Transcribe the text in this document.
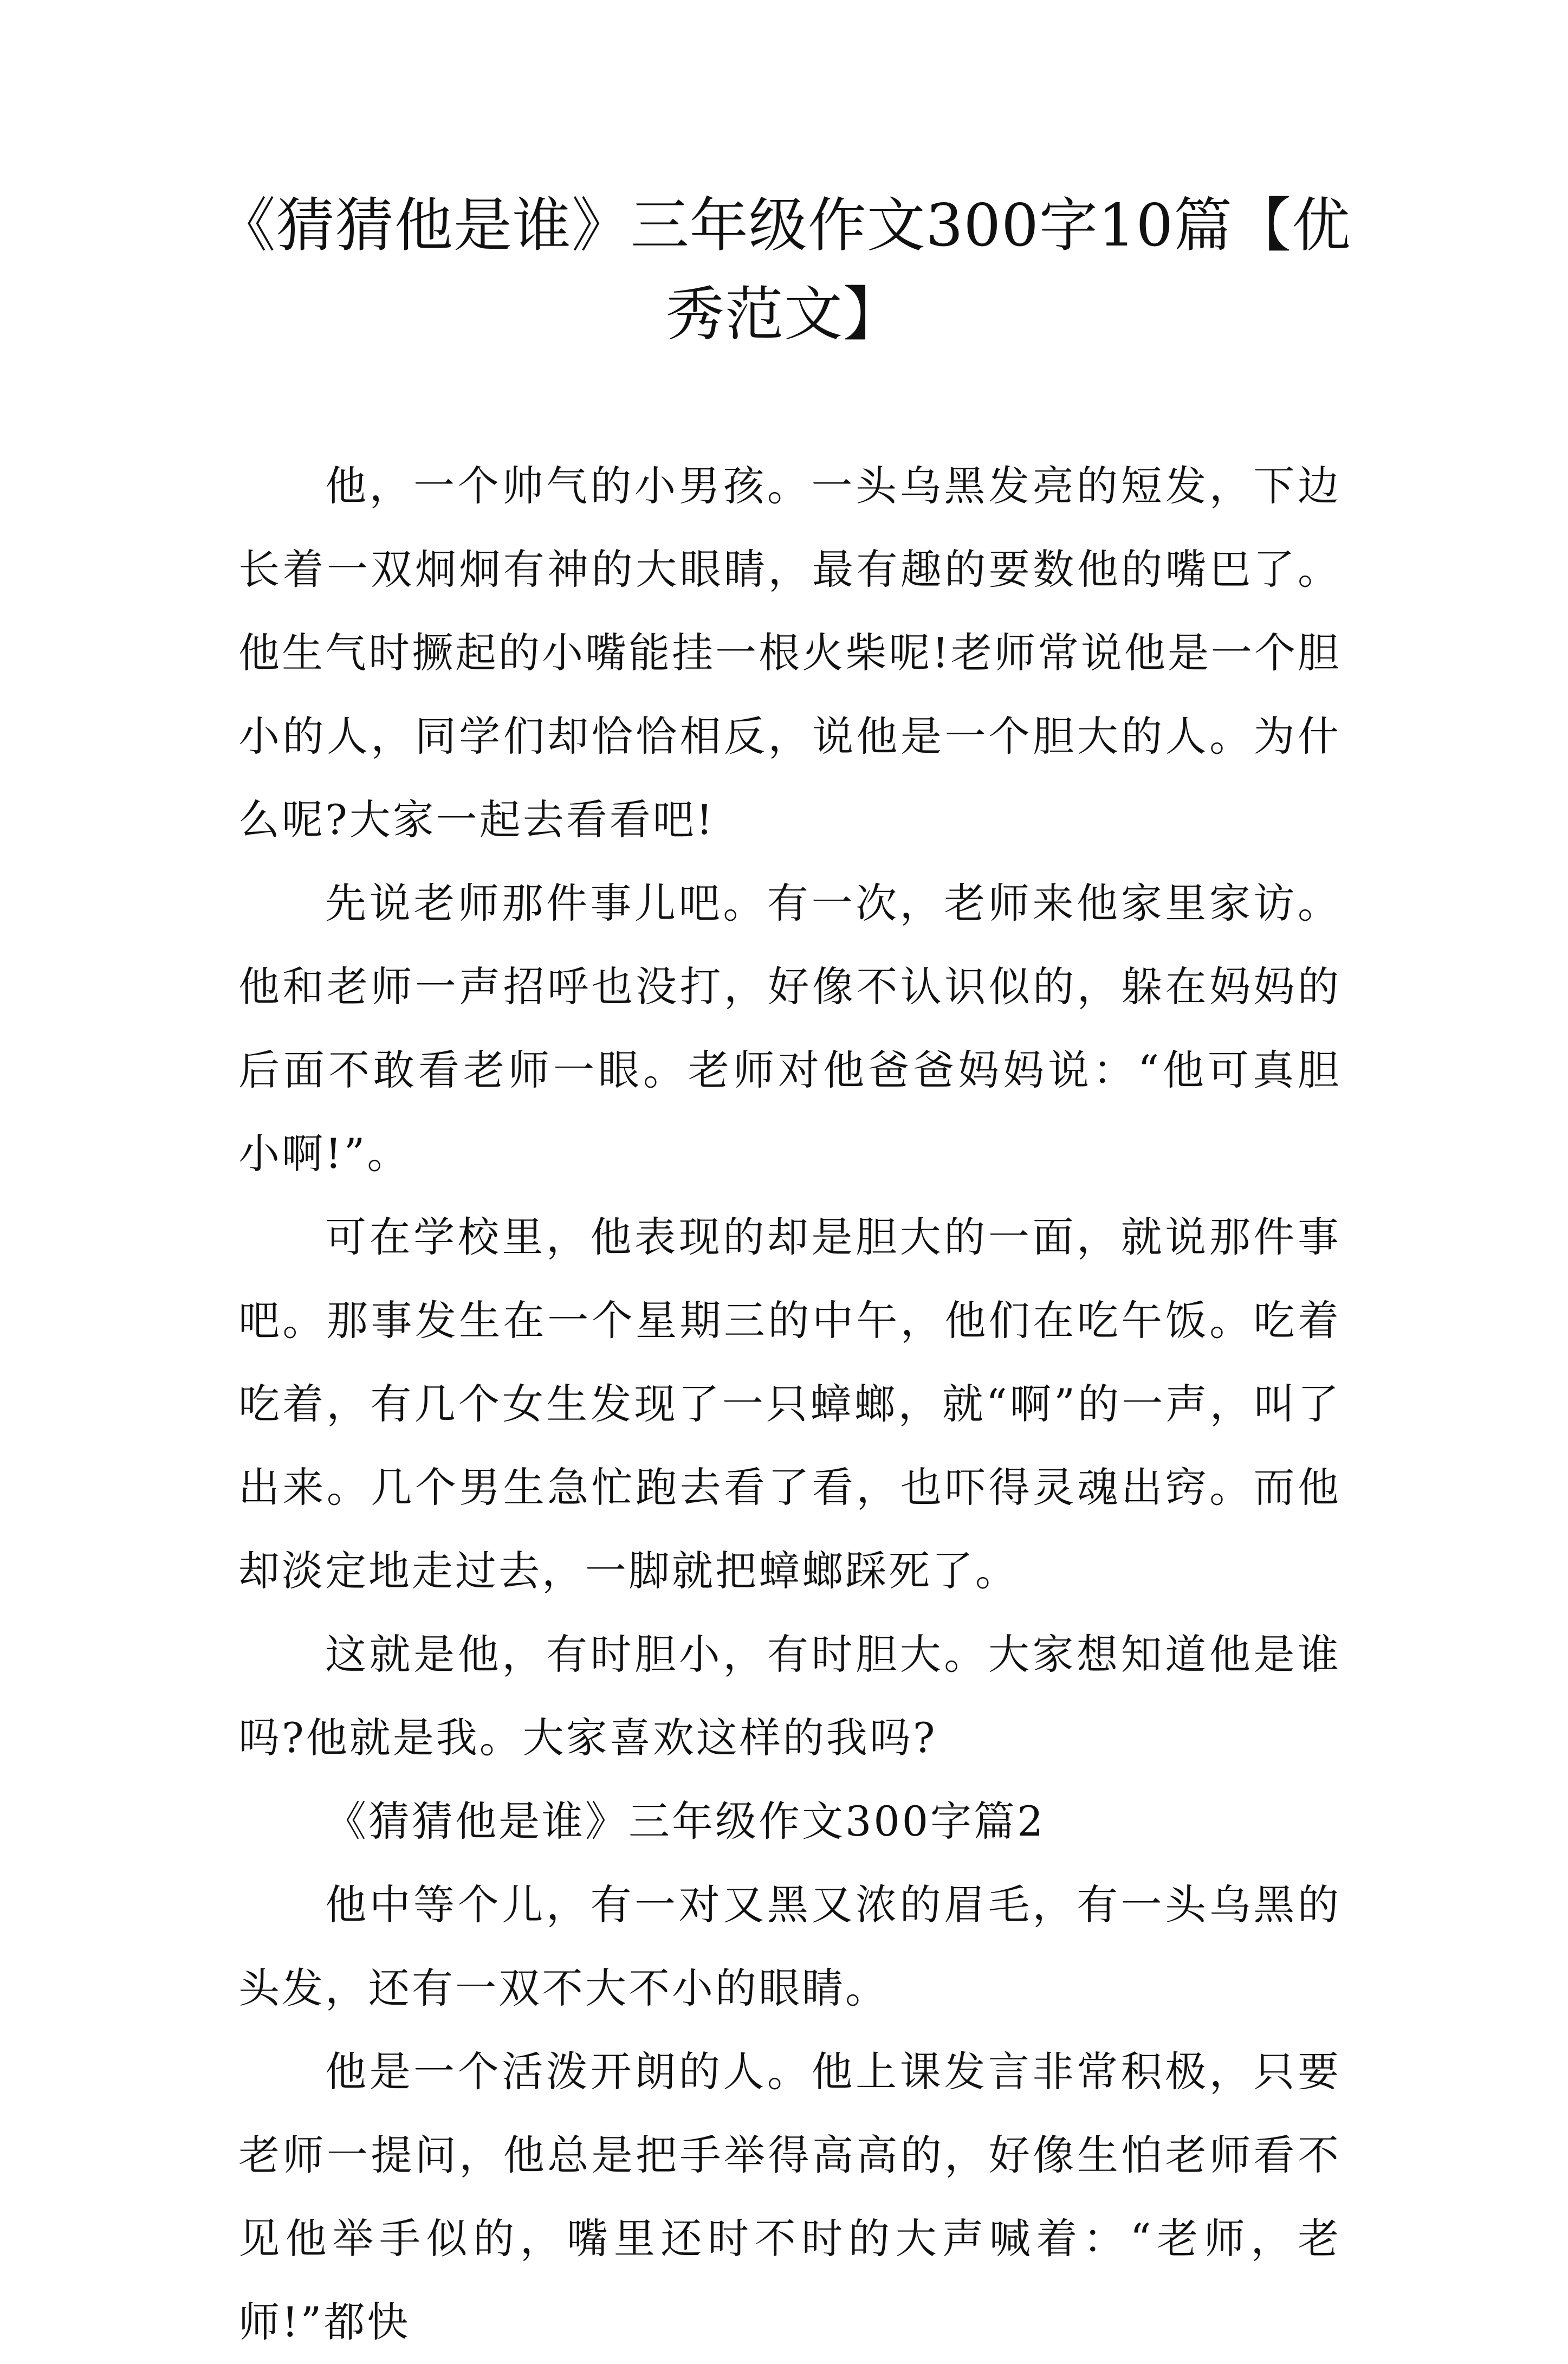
《猜猜他是谁》三年级作文300字10篇【优秀范文】

他，一个帅气的小男孩。一头乌黑发亮的短发，下边长着一双炯炯有神的大眼睛，最有趣的要数他的嘴巴了。他生气时撅起的小嘴能挂一根火柴呢!老师常说他是一个胆小的人，同学们却恰恰相反，说他是一个胆大的人。为什么呢?大家一起去看看吧!

先说老师那件事儿吧。有一次，老师来他家里家访。他和老师一声招呼也没打，好像不认识似的，躲在妈妈的后面不敢看老师一眼。老师对他爸爸妈妈说：“他可真胆小啊!”。

可在学校里，他表现的却是胆大的一面，就说那件事吧。那事发生在一个星期三的中午，他们在吃午饭。吃着吃着，有几个女生发现了一只蟑螂，就“啊”的一声，叫了出来。几个男生急忙跑去看了看，也吓得灵魂出窍。而他却淡定地走过去，一脚就把蟑螂踩死了。

这就是他，有时胆小，有时胆大。大家想知道他是谁吗?他就是我。大家喜欢这样的我吗?

《猜猜他是谁》三年级作文300字篇2

他中等个儿，有一对又黑又浓的眉毛，有一头乌黑的头发，还有一双不大不小的眼睛。

他是一个活泼开朗的人。他上课发言非常积极，只要老师一提问，他总是把手举得高高的，好像生怕老师看不见他举手似的，嘴里还时不时的大声喊着：“老师，老师!”都快
